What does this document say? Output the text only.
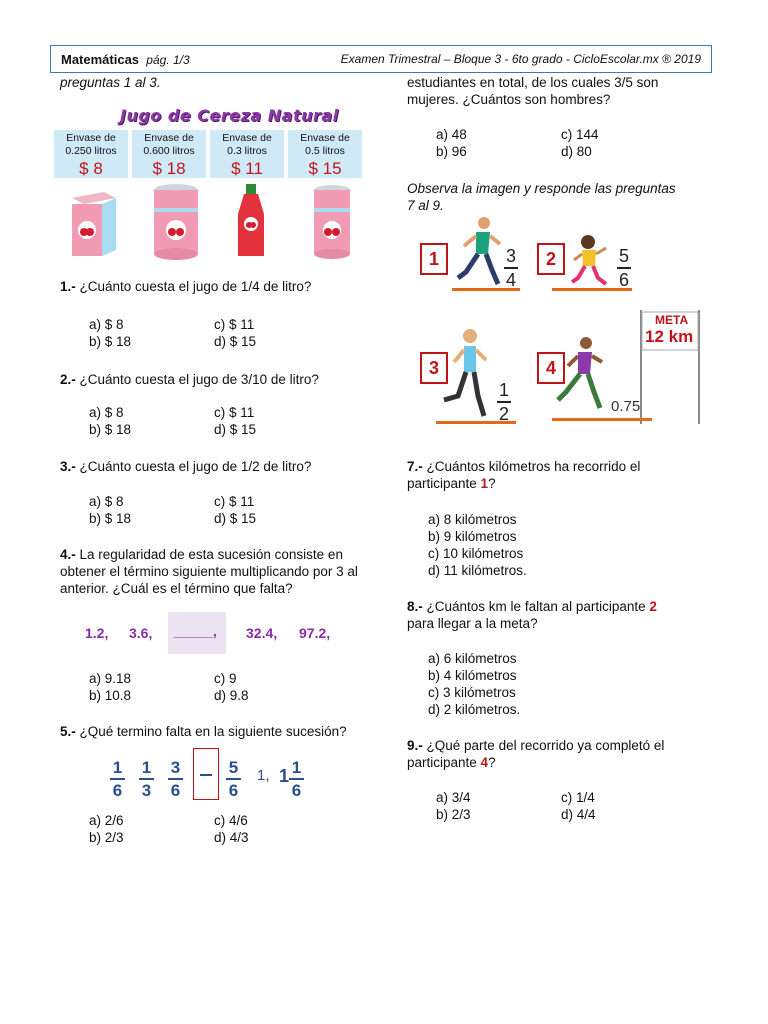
Matemáticas pág. 1/3	Examen Trimestral – Bloque 3 - 6to grado - CicloEscolar.mx ® 2019
preguntas 1 al 3.
Jugo de Cereza Natural
Envase de
0.250 litros
$ 8
Envase de
0.600 litros
$ 18
Envase de
0.3 litros
$ 11
Envase de
0.5 litros
$ 15
1.- ¿Cuánto cuesta el jugo de 1/4 de litro?
a) $ 8	c) $ 11
b) $ 18	d) $ 15
2.- ¿Cuánto cuesta el jugo de 3/10 de litro?
a) $ 8	c) $ 11
b) $ 18	d) $ 15
3.- ¿Cuánto cuesta el jugo de 1/2 de litro?
a) $ 8	c) $ 11
b) $ 18	d) $ 15
4.- La regularidad de esta sucesión consiste en obtener el término siguiente multiplicando por 3 al anterior. ¿Cuál es el término que falta?
1.2, 3.6, _____, 32.4, 97.2,
a) 9.18	c) 9
b) 10.8	d) 9.8
5.- ¿Qué termino falta en la siguiente sucesión?
1
6
1
3
3
6
5
6
1, 1 1
6
a) 2/6	c) 4/6
b) 2/3	d) 4/3
estudiantes en total, de los cuales 3/5 son
mujeres. ¿Cuántos son hombres?
a) 48	c) 144
b) 96	d) 80
Observa la imagen y responde las preguntas
7 al 9.
1	3
4
2	5
6
META
12 km
3
1
2
4
0.75
7.- ¿Cuántos kilómetros ha recorrido el
participante 1?
a) 8 kilómetros
b) 9 kilómetros
c) 10 kilómetros
d) 11 kilómetros.
8.- ¿Cuántos km le faltan al participante 2
para llegar a la meta?
a) 6 kilómetros
b) 4 kilómetros
c) 3 kilómetros
d) 2 kilómetros.
9.- ¿Qué parte del recorrido ya completó el
participante 4?
a) 3/4	c) 1/4
b) 2/3	d) 4/4
